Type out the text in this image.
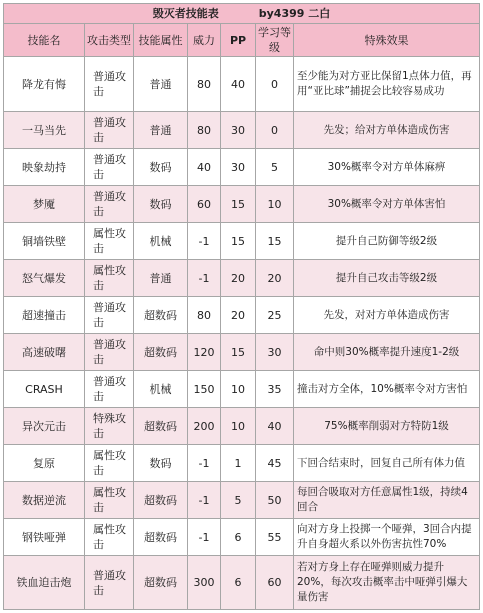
毁灭者技能表 by4399 二白						
技能名	攻击类型	技能属性	威力	PP	学习等级	特殊效果
降龙有悔	普通攻击	普通	80	40	0	至少能为对方亚比保留1点体力值，再用“亚比球”捕捉会比较容易成功
一马当先	普通攻击	普通	80	30	0	先发；给对方单体造成伤害
映象劫持	普通攻击	数码	40	30	5	30%概率令对方单体麻痹
梦魇	普通攻击	数码	60	15	10	30%概率令对方单体害怕
铜墙铁壁	属性攻击	机械	-1	15	15	提升自己防御等级2级
怒气爆发	属性攻击	普通	-1	20	20	提升自己攻击等级2级
超速撞击	普通攻击	超数码	80	20	25	先发，对对方单体造成伤害
高速破曙	普通攻击	超数码	120	15	30	命中则30%概率提升速度1-2级
CRASH	普通攻击	机械	150	10	35	撞击对方全体，10%概率令对方害怕
异次元击	特殊攻击	超数码	200	10	40	75%概率削弱对方特防1级
复原	属性攻击	数码	-1	1	45	下回合结束时，回复自己所有体力值
数据逆流	属性攻击	超数码	-1	5	50	每回合吸取对方任意属性1级，持续4回合
钢铁哑弹	属性攻击	超数码	-1	6	55	向对方身上投掷一个哑弹，3回合内提升自身超火系以外伤害抗性70%
铁血迫击炮	普通攻击	超数码	300	6	60	若对方身上存在哑弹则威力提升20%，每次攻击概率击中哑弹引爆大量伤害
